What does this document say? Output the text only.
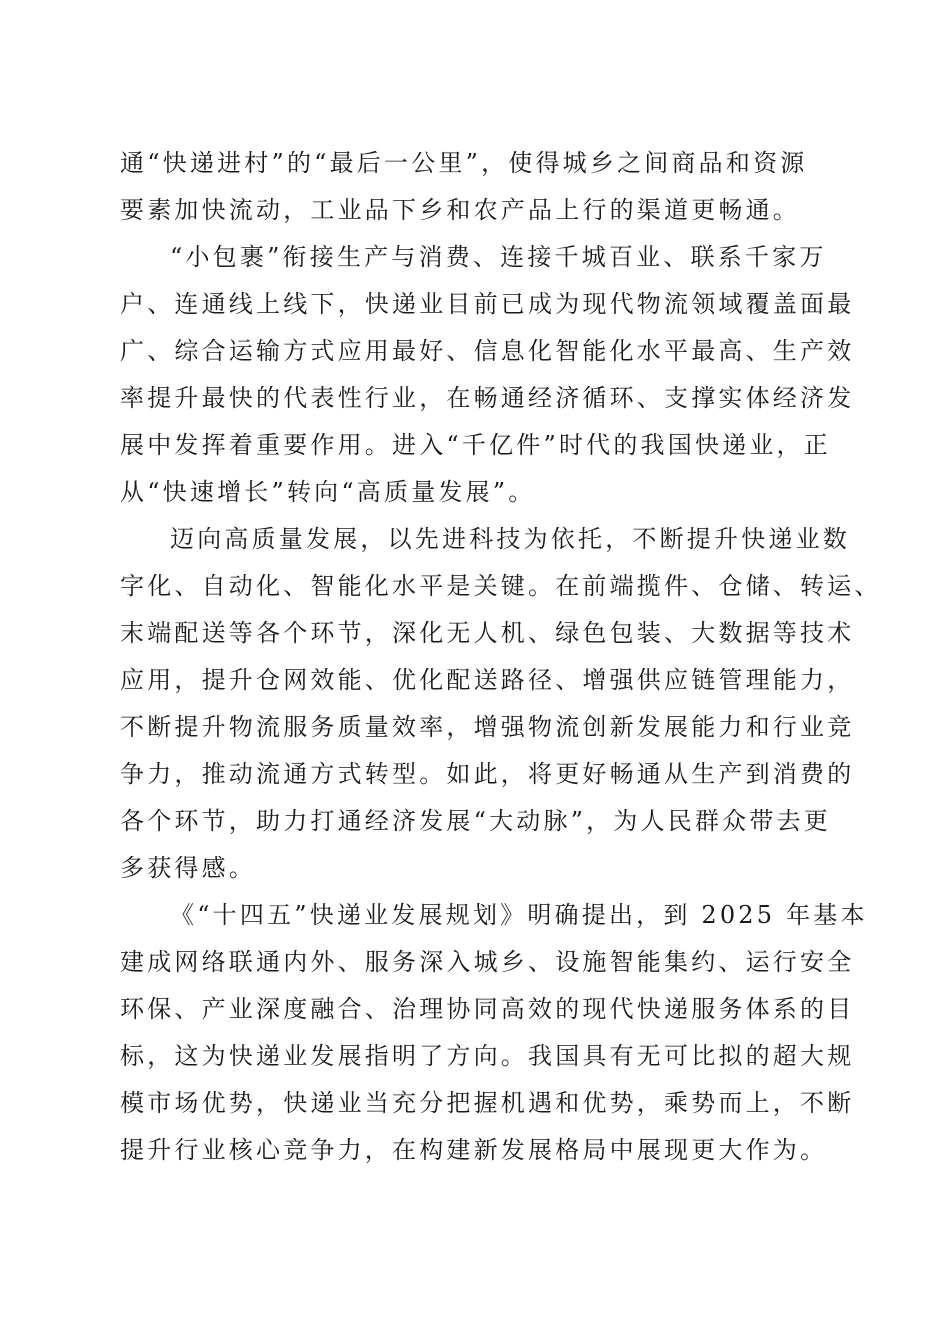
通“快递进村”的“最后一公里”，使得城乡之间商品和资源
要素加快流动，工业品下乡和农产品上行的渠道更畅通。
“小包裹”衔接生产与消费、连接千城百业、联系千家万
户、连通线上线下，快递业目前已成为现代物流领域覆盖面最
广、综合运输方式应用最好、信息化智能化水平最高、生产效
率提升最快的代表性行业，在畅通经济循环、支撑实体经济发
展中发挥着重要作用。进入“千亿件”时代的我国快递业，正
从“快速增长”转向“高质量发展”。
迈向高质量发展，以先进科技为依托，不断提升快递业数
字化、自动化、智能化水平是关键。在前端揽件、仓储、转运、
末端配送等各个环节，深化无人机、绿色包装、大数据等技术
应用，提升仓网效能、优化配送路径、增强供应链管理能力，
不断提升物流服务质量效率，增强物流创新发展能力和行业竞
争力，推动流通方式转型。如此，将更好畅通从生产到消费的
各个环节，助力打通经济发展“大动脉”，为人民群众带去更
多获得感。
《“十四五”快递业发展规划》明确提出，到 2025 年基本
建成网络联通内外、服务深入城乡、设施智能集约、运行安全
环保、产业深度融合、治理协同高效的现代快递服务体系的目
标，这为快递业发展指明了方向。我国具有无可比拟的超大规
模市场优势，快递业当充分把握机遇和优势，乘势而上，不断
提升行业核心竞争力，在构建新发展格局中展现更大作为。
